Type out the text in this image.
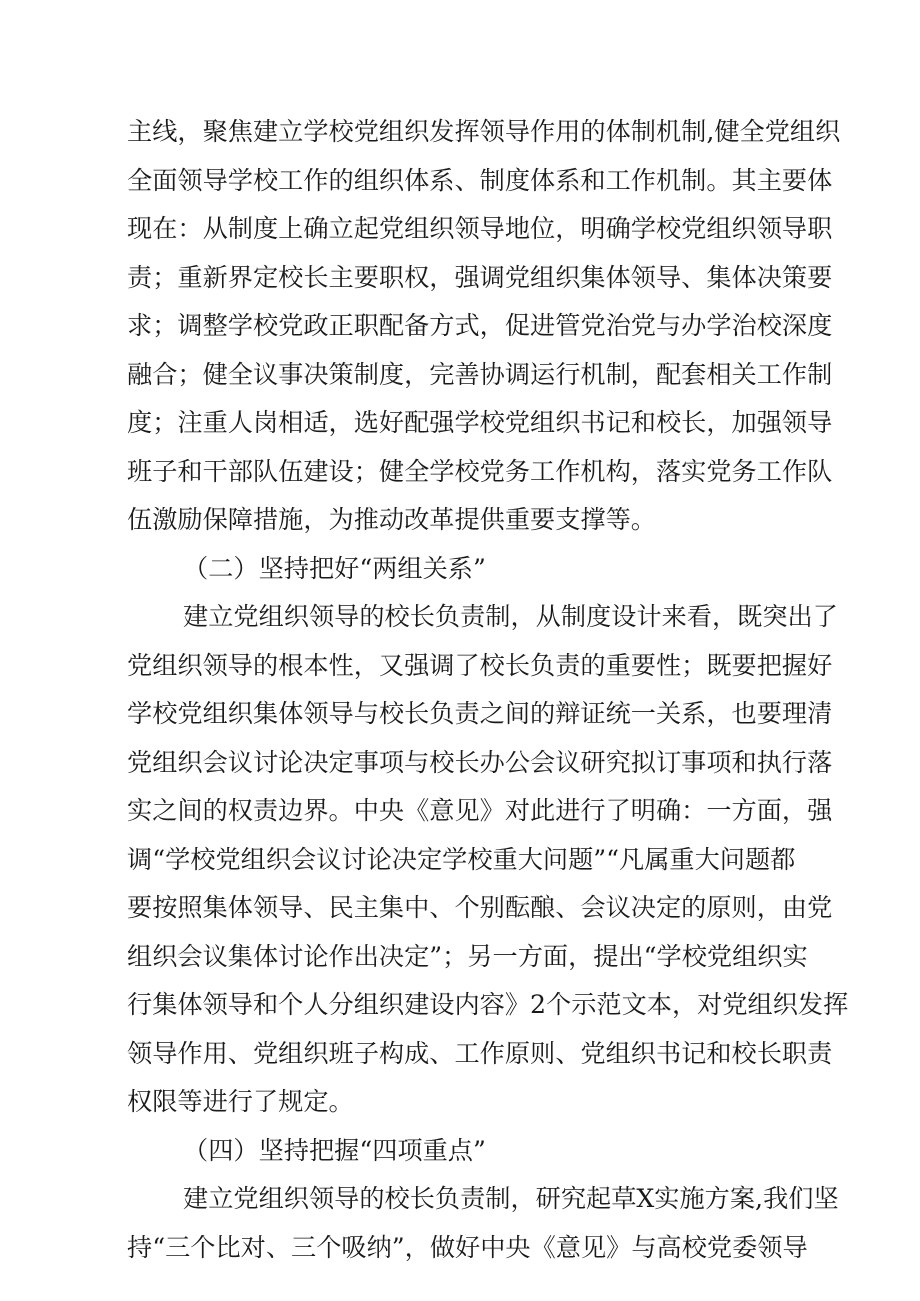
主线，聚焦建立学校党组织发挥领导作用的体制机制,健全党组织
全面领导学校工作的组织体系、制度体系和工作机制。其主要体
现在：从制度上确立起党组织领导地位，明确学校党组织领导职
责；重新界定校长主要职权，强调党组织集体领导、集体决策要
求；调整学校党政正职配备方式，促进管党治党与办学治校深度
融合；健全议事决策制度，完善协调运行机制，配套相关工作制
度；注重人岗相适，选好配强学校党组织书记和校长，加强领导
班子和干部队伍建设；健全学校党务工作机构，落实党务工作队
伍激励保障措施，为推动改革提供重要支撑等。
（二）坚持把好“两组关系”
建立党组织领导的校长负责制，从制度设计来看，既突出了
党组织领导的根本性，又强调了校长负责的重要性；既要把握好
学校党组织集体领导与校长负责之间的辩证统一关系，也要理清
党组织会议讨论决定事项与校长办公会议研究拟订事项和执行落
实之间的权责边界。中央《意见》对此进行了明确：一方面，强
调“学校党组织会议讨论决定学校重大问题”“凡属重大问题都
要按照集体领导、民主集中、个别酝酿、会议决定的原则，由党
组织会议集体讨论作出决定”；另一方面，提出“学校党组织实
行集体领导和个人分组织建设内容》2个示范文本，对党组织发挥
领导作用、党组织班子构成、工作原则、党组织书记和校长职责
权限等进行了规定。
（四）坚持把握“四项重点”
建立党组织领导的校长负责制，研究起草X实施方案,我们坚
持“三个比对、三个吸纳”，做好中央《意见》与高校党委领导
